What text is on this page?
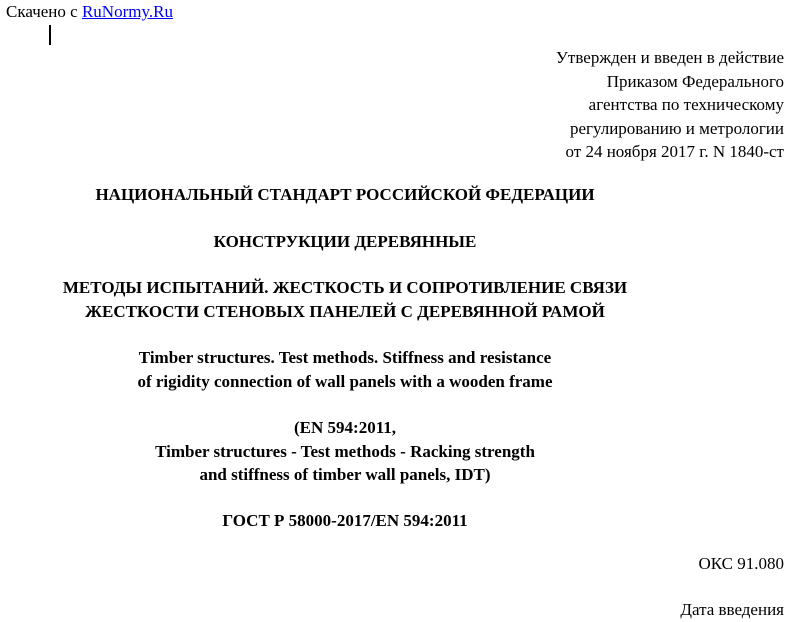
Скачено с RuNormy.Ru
Утвержден и введен в действие
Приказом Федерального
агентства по техническому
регулированию и метрологии
от 24 ноября 2017 г. N 1840-ст
НАЦИОНАЛЬНЫЙ СТАНДАРТ РОССИЙСКОЙ ФЕДЕРАЦИИ
КОНСТРУКЦИИ ДЕРЕВЯННЫЕ
МЕТОДЫ ИСПЫТАНИЙ. ЖЕСТКОСТЬ И СОПРОТИВЛЕНИЕ СВЯЗИ
ЖЕСТКОСТИ СТЕНОВЫХ ПАНЕЛЕЙ С ДЕРЕВЯННОЙ РАМОЙ
Timber structures. Test methods. Stiffness and resistance
of rigidity connection of wall panels with a wooden frame
(EN 594:2011,
Timber structures - Test methods - Racking strength
and stiffness of timber wall panels, IDT)
ГОСТ Р 58000-2017/EN 594:2011
ОКС 91.080
Дата введения
